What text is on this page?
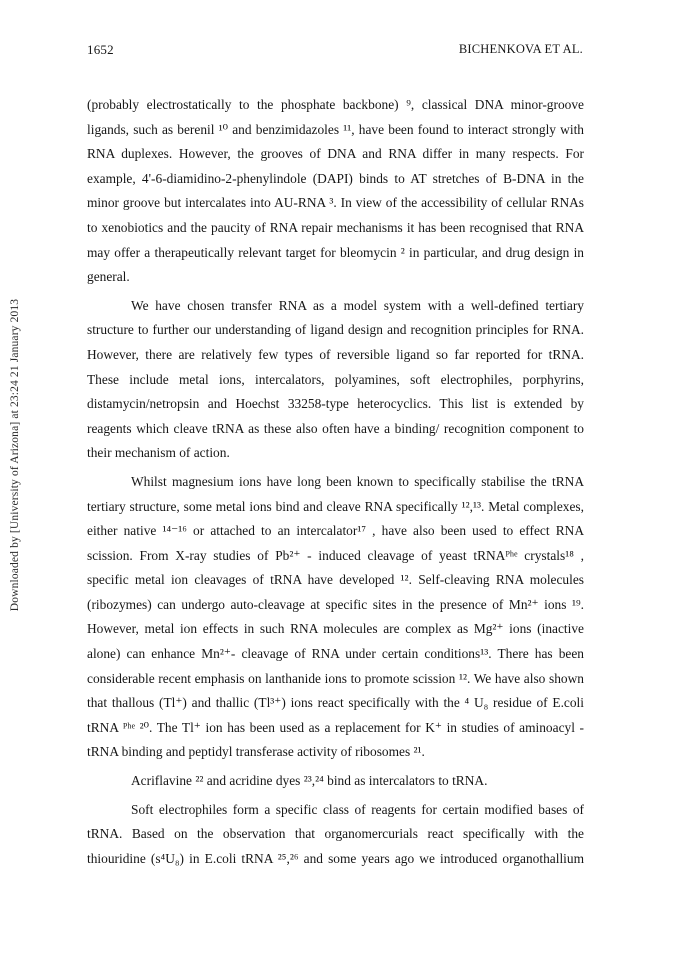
1652	BICHENKOVA ET AL.
Downloaded by [University of Arizona] at 23:24 21 January 2013
(probably electrostatically to the phosphate backbone) ⁹, classical DNA minor-groove
ligands, such as berenil ¹⁰ and benzimidazoles ¹¹, have been found to interact strongly with
RNA duplexes. However, the grooves of DNA and RNA differ in many respects. For
example, 4'-6-diamidino-2-phenylindole (DAPI) binds to AT stretches of B-DNA in the
minor groove but intercalates into AU-RNA ³. In view of the accessibility of cellular RNAs
to xenobiotics and the paucity of RNA repair mechanisms it has been recognised that RNA
may offer a therapeutically relevant target for bleomycin ² in particular, and drug design in
general.
We have chosen transfer RNA as a model system with a well-defined tertiary
structure to further our understanding of ligand design and recognition principles for RNA.
However, there are relatively few types of reversible ligand so far reported for tRNA.
These include metal ions, intercalators, polyamines, soft electrophiles, porphyrins,
distamycin/netropsin and Hoechst 33258-type heterocyclics. This list is extended by
reagents which cleave tRNA as these also often have a binding/ recognition component to
their mechanism of action.
Whilst magnesium ions have long been known to specifically stabilise the tRNA
tertiary structure, some metal ions bind and cleave RNA specifically ¹²,¹³. Metal complexes,
either native ¹⁴⁻¹⁶ or attached to an intercalator¹⁷ , have also been used to effect RNA
scission. From X-ray studies of Pb²⁺ - induced cleavage of yeast tRNAᴾʰᵉ crystals¹⁸ ,
specific metal ion cleavages of tRNA have developed ¹². Self-cleaving RNA molecules
(ribozymes) can undergo auto-cleavage at specific sites in the presence of Mn²⁺ ions ¹⁹.
However, metal ion effects in such RNA molecules are complex as Mg²⁺ ions (inactive
alone) can enhance Mn²⁺- cleavage of RNA under certain conditions¹³. There has been
considerable recent emphasis on lanthanide ions to promote scission ¹². We have also shown
that thallous (Tl⁺) and thallic (Tl³⁺) ions react specifically with the ⁴ U₈ residue of E.coli
tRNA ᴾʰᵉ ²⁰. The Tl⁺ ion has been used as a replacement for K⁺ in studies of aminoacyl -
tRNA binding and peptidyl transferase activity of ribosomes ²¹.
Acriflavine ²² and acridine dyes ²³,²⁴ bind as intercalators to tRNA.
Soft electrophiles form a specific class of reagents for certain modified bases of
tRNA. Based on the observation that organomercurials react specifically with the
thiouridine (s⁴U₈) in E.coli tRNA ²⁵,²⁶ and some years ago we introduced organothallium
